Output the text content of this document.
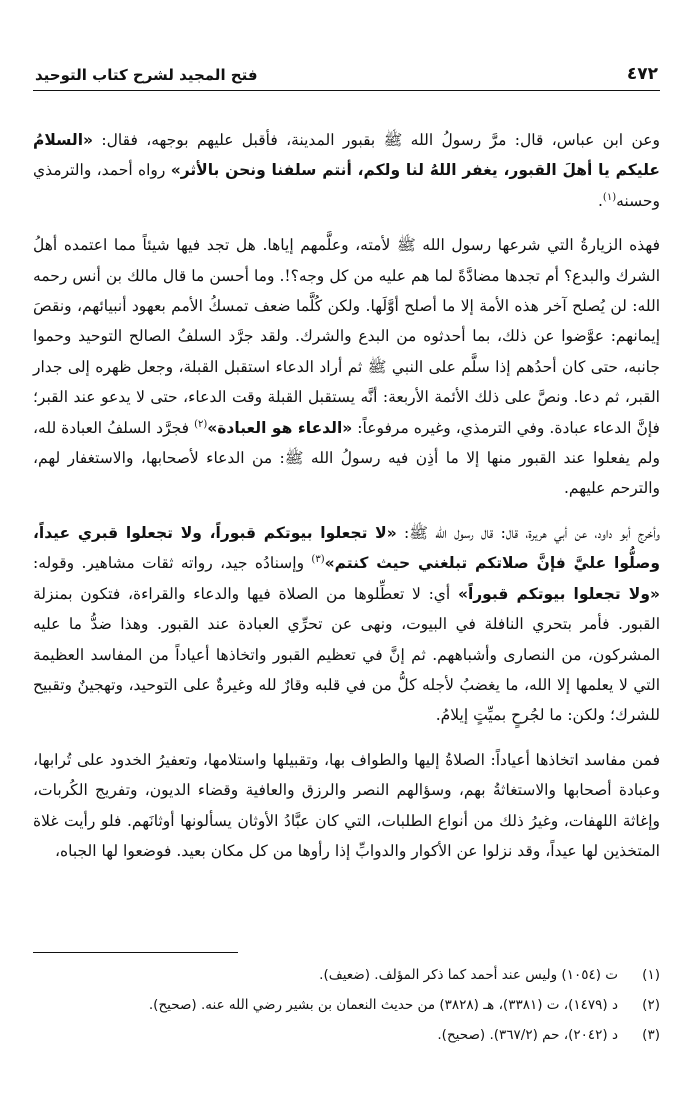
٤٧٢
فتح المجيد لشرح كتاب التوحيد

وعن ابن عباس، قال: مرَّ رسولُ الله ﷺ بقبور المدينة، فأقبل عليهم بوجهه، فقال: «السلامُ عليكم يا أهلَ القبور، يغفر اللهُ لنا ولكم، أنتم سلفنا ونحن بالأثر» رواه أحمد، والترمذي وحسنه$^{(١)}$.

فهذه الزيارةُ التي شرعها رسول الله ﷺ لأمته، وعلَّمهم إياها. هل تجد فيها شيئاً مما اعتمده أهلُ الشرك والبدع؟ أم تجدها مضادَّةً لما هم عليه من كل وجه؟!. وما أحسن ما قال مالك بن أنس رحمه الله: لن يُصلح آخر هذه الأمة إلا ما أصلح أوَّلَها. ولكن كُلَّما ضعف تمسكُ الأمم بعهود أنبيائهم، ونقصَ إيمانهم: عوَّضوا عن ذلك، بما أحدثوه من البدع والشرك. ولقد جرَّد السلفُ الصالح التوحيد وحموا جانبه، حتى كان أحدُهم إذا سلَّم على النبي ﷺ ثم أراد الدعاء استقبل القبلة، وجعل ظهره إلى جدار القبر، ثم دعا. ونصَّ على ذلك الأئمة الأربعة: أنَّه يستقبل القبلة وقت الدعاء، حتى لا يدعو عند القبر؛ فإنَّ الدعاء عبادة. وفي الترمذي، وغيره مرفوعاً: «الدعاء هو العبادة»$^{(٢)}$ فجرَّد السلفُ العبادة لله، ولم يفعلوا عند القبور منها إلا ما أذِن فيه رسولُ الله ﷺ: من الدعاء لأصحابها، والاستغفار لهم، والترحم عليهم.

وأخرج أبو داود، عن أبي هريرة، قال: قال رسول الله ﷺ: «لا تجعلوا بيوتكم قبوراً، ولا تجعلوا قبري عيداً، وصلُّوا عليَّ فإنَّ صلاتكم تبلغني حيث كنتم»$^{(٣)}$ وإسنادُه جيد، رواته ثقات مشاهير. وقوله: «ولا تجعلوا بيوتكم قبوراً» أي: لا تعطِّلوها من الصلاة فيها والدعاء والقراءة، فتكون بمنزلة القبور. فأمر بتحري النافلة في البيوت، ونهى عن تحرِّي العبادة عند القبور. وهذا ضدُّ ما عليه المشركون، من النصارى وأشباههم. ثم إنَّ في تعظيم القبور واتخاذها أعياداً من المفاسد العظيمة التي لا يعلمها إلا الله، ما يغضبُ لأجله كلُّ من في قلبه وقارٌ لله وغيرةٌ على التوحيد، وتهجينٌ وتقبيح للشرك؛ ولكن: ما لجُرحٍ بميِّتٍ إيلامُ.

فمن مفاسد اتخاذها أعياداً: الصلاةُ إليها والطواف بها، وتقبيلها واستلامها، وتعفيرُ الخدود على تُرابها، وعبادة أصحابها والاستغاثةُ بهم، وسؤالهم النصر والرزق والعافية وقضاء الديون، وتفريج الكُربات، وإغاثة اللهفات، وغيرُ ذلك من أنواع الطلبات، التي كان عبَّادُ الأوثان يسألونها أوثانَهم. فلو رأيت غلاة المتخذين لها عيداً، وقد نزلوا عن الأكوار والدوابِّ إذا رأوها من كل مكان بعيد. فوضعوا لها الجباه،

(١)
ت (١٠٥٤) وليس عند أحمد كما ذكر المؤلف. (ضعيف).
(٢)
د (١٤٧٩)، ت (٣٣٨١)، هـ (٣٨٢٨) من حديث النعمان بن بشير رضي الله عنه. (صحيح).
(٣)
د (٢٠٤٢)، حم (٣٦٧/٢). (صحيح).
